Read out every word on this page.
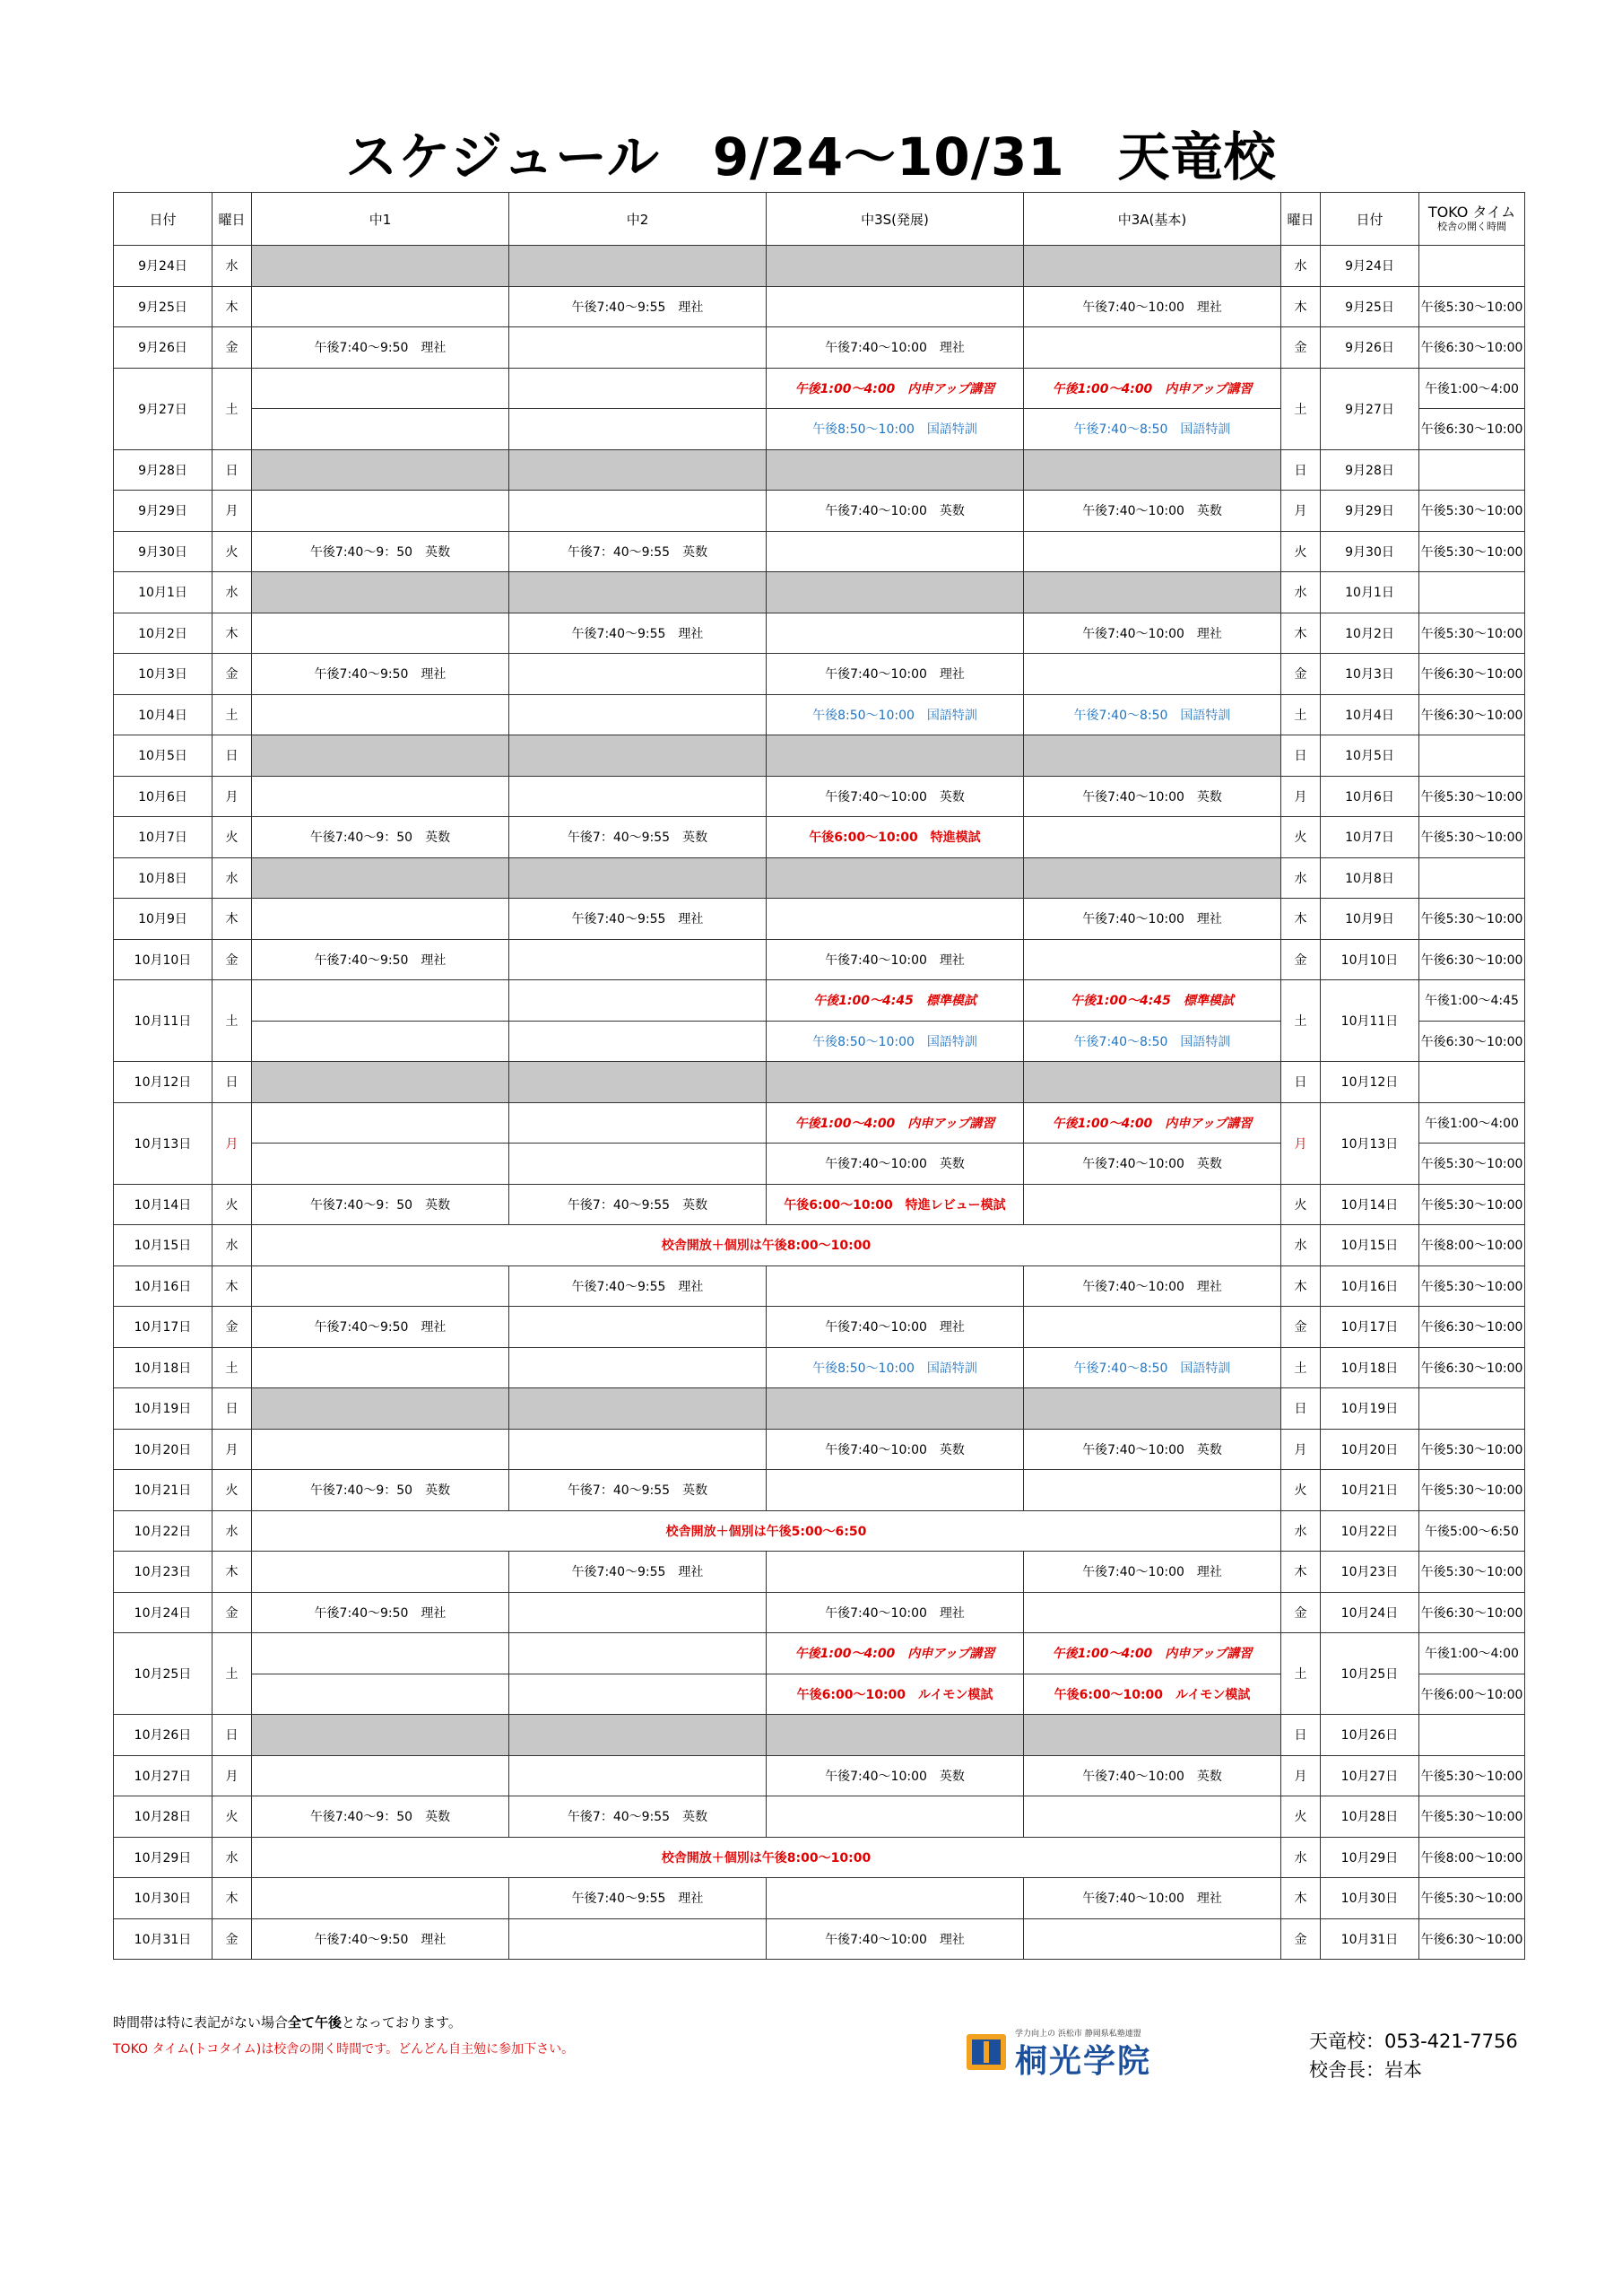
スケジュール　9/24～10/31　天竜校
日付	曜日	中1	中2	中3S(発展)	中3A(基本)	曜日	日付	TOKO タイム
校舎の開く時間

9月24日	水					水	9月24日	
9月25日	木		午後7:40～9:55　理社		午後7:40～10:00　理社	木	9月25日	午後5:30～10:00
9月26日	金	午後7:40～9:50　理社		午後7:40～10:00　理社		金	9月26日	午後6:30～10:00
9月27日	土			午後1:00～4:00　内申アップ講習	午後1:00～4:00　内申アップ講習	土	9月27日	午後1:00～4:00
				午後8:50～10:00　国語特訓	午後7:40～8:50　国語特訓			午後6:30～10:00
9月28日	日					日	9月28日	
9月29日	月			午後7:40～10:00　英数	午後7:40～10:00　英数	月	9月29日	午後5:30～10:00
9月30日	火	午後7:40～9：50　英数	午後7：40～9:55　英数			火	9月30日	午後5:30～10:00
10月1日	水					水	10月1日	
10月2日	木		午後7:40～9:55　理社		午後7:40～10:00　理社	木	10月2日	午後5:30～10:00
10月3日	金	午後7:40～9:50　理社		午後7:40～10:00　理社		金	10月3日	午後6:30～10:00
10月4日	土			午後8:50～10:00　国語特訓	午後7:40～8:50　国語特訓	土	10月4日	午後6:30～10:00
10月5日	日					日	10月5日	
10月6日	月			午後7:40～10:00　英数	午後7:40～10:00　英数	月	10月6日	午後5:30～10:00
10月7日	火	午後7:40～9：50　英数	午後7：40～9:55　英数	午後6:00～10:00　特進模試		火	10月7日	午後5:30～10:00
10月8日	水					水	10月8日	
10月9日	木		午後7:40～9:55　理社		午後7:40～10:00　理社	木	10月9日	午後5:30～10:00
10月10日	金	午後7:40～9:50　理社		午後7:40～10:00　理社		金	10月10日	午後6:30～10:00
10月11日	土			午後1:00～4:45　標準模試	午後1:00～4:45　標準模試	土	10月11日	午後1:00～4:45
				午後8:50～10:00　国語特訓	午後7:40～8:50　国語特訓			午後6:30～10:00
10月12日	日					日	10月12日	
10月13日	月			午後1:00～4:00　内申アップ講習	午後1:00～4:00　内申アップ講習	月	10月13日	午後1:00～4:00
				午後7:40～10:00　英数	午後7:40～10:00　英数			午後5:30～10:00
10月14日	火	午後7:40～9：50　英数	午後7：40～9:55　英数	午後6:00～10:00　特進レビュー模試		火	10月14日	午後5:30～10:00
10月15日	水	校舎開放＋個別は午後8:00～10:00				水	10月15日	午後8:00～10:00
10月16日	木		午後7:40～9:55　理社		午後7:40～10:00　理社	木	10月16日	午後5:30～10:00
10月17日	金	午後7:40～9:50　理社		午後7:40～10:00　理社		金	10月17日	午後6:30～10:00
10月18日	土			午後8:50～10:00　国語特訓	午後7:40～8:50　国語特訓	土	10月18日	午後6:30～10:00
10月19日	日					日	10月19日	
10月20日	月			午後7:40～10:00　英数	午後7:40～10:00　英数	月	10月20日	午後5:30～10:00
10月21日	火	午後7:40～9：50　英数	午後7：40～9:55　英数			火	10月21日	午後5:30～10:00
10月22日	水	校舎開放＋個別は午後5:00～6:50				水	10月22日	午後5:00～6:50
10月23日	木		午後7:40～9:55　理社		午後7:40～10:00　理社	木	10月23日	午後5:30～10:00
10月24日	金	午後7:40～9:50　理社		午後7:40～10:00　理社		金	10月24日	午後6:30～10:00
10月25日	土			午後1:00～4:00　内申アップ講習	午後1:00～4:00　内申アップ講習	土	10月25日	午後1:00～4:00
				午後6:00～10:00　ルイモン模試	午後6:00～10:00　ルイモン模試			午後6:00～10:00
10月26日	日					日	10月26日	
10月27日	月			午後7:40～10:00　英数	午後7:40～10:00　英数	月	10月27日	午後5:30～10:00
10月28日	火	午後7:40～9：50　英数	午後7：40～9:55　英数			火	10月28日	午後5:30～10:00
10月29日	水	校舎開放＋個別は午後8:00～10:00				水	10月29日	午後8:00～10:00
10月30日	木		午後7:40～9:55　理社		午後7:40～10:00　理社	木	10月30日	午後5:30～10:00
10月31日	金	午後7:40～9:50　理社		午後7:40～10:00　理社		金	10月31日	午後6:30～10:00
時間帯は特に表記がない場合全て午後となっております。
TOKO タイム(トコタイム)は校舎の開く時間です。どんどん自主勉に参加下さい。
学力向上の 浜松市 静岡県私塾連盟
桐光学院
天竜校：053-421-7756
校舎長：岩本
